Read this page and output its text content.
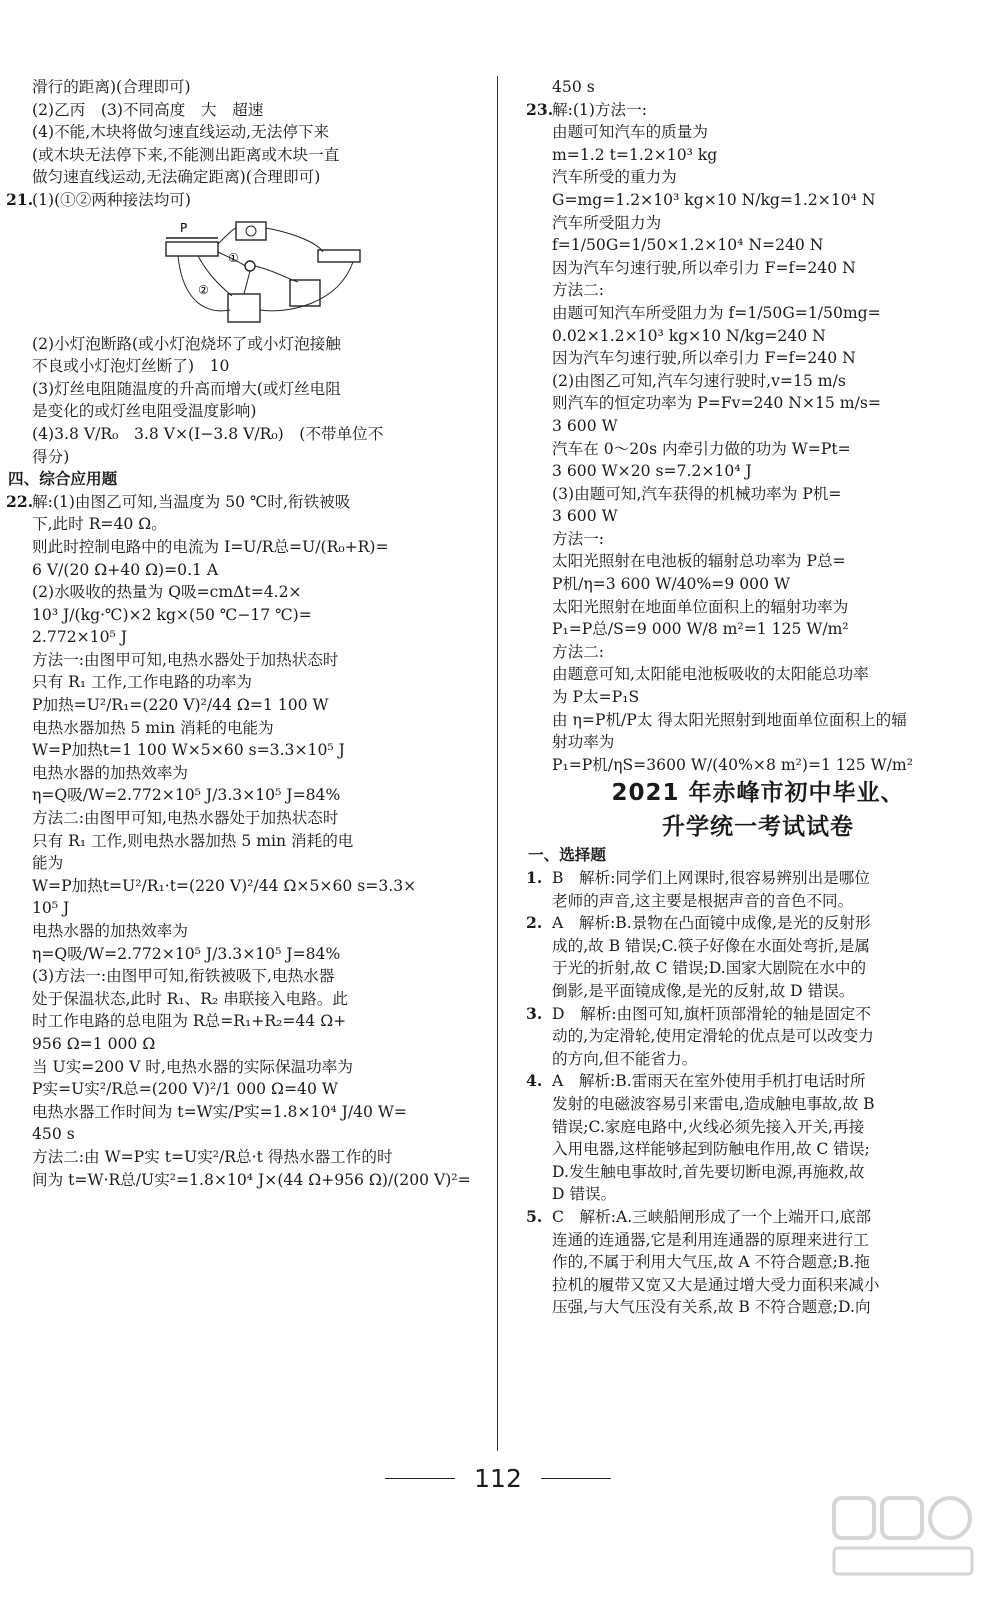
滑行的距离)(合理即可)
(2)乙丙　(3)不同高度　大　超速
(4)不能,木块将做匀速直线运动,无法停下来
(或木块无法停下来,不能测出距离或木块一直
做匀速直线运动,无法确定距离)(合理即可)
21.(1)(①②两种接法均可)
P
①
②
(2)小灯泡断路(或小灯泡烧坏了或小灯泡接触
不良或小灯泡灯丝断了)　10
(3)灯丝电阻随温度的升高而增大(或灯丝电阻
是变化的或灯丝电阻受温度影响)
(4)3.8 V/R₀　3.8 V×(I−3.8 V/R₀)　(不带单位不
得分)
四、综合应用题
22.解:(1)由图乙可知,当温度为 50 ℃时,衔铁被吸
下,此时 R=40 Ω。
则此时控制电路中的电流为 I=U/R总=U/(R₀+R)=
6 V/(20 Ω+40 Ω)=0.1 A
(2)水吸收的热量为 Q吸=cmΔt=4.2×
10³ J/(kg·℃)×2 kg×(50 ℃−17 ℃)=
2.772×10⁵ J
方法一:由图甲可知,电热水器处于加热状态时
只有 R₁ 工作,工作电路的功率为
P加热=U²/R₁=(220 V)²/44 Ω=1 100 W
电热水器加热 5 min 消耗的电能为
W=P加热t=1 100 W×5×60 s=3.3×10⁵ J
电热水器的加热效率为
η=Q吸/W=2.772×10⁵ J/3.3×10⁵ J=84%
方法二:由图甲可知,电热水器处于加热状态时
只有 R₁ 工作,则电热水器加热 5 min 消耗的电
能为
W=P加热t=U²/R₁·t=(220 V)²/44 Ω×5×60 s=3.3×
10⁵ J
电热水器的加热效率为
η=Q吸/W=2.772×10⁵ J/3.3×10⁵ J=84%
(3)方法一:由图甲可知,衔铁被吸下,电热水器
处于保温状态,此时 R₁、R₂ 串联接入电路。此
时工作电路的总电阻为 R总=R₁+R₂=44 Ω+
956 Ω=1 000 Ω
当 U实=200 V 时,电热水器的实际保温功率为
P实=U实²/R总=(200 V)²/1 000 Ω=40 W
电热水器工作时间为 t=W实/P实=1.8×10⁴ J/40 W=
450 s
方法二:由 W=P实 t=U实²/R总·t 得热水器工作的时
间为 t=W·R总/U实²=1.8×10⁴ J×(44 Ω+956 Ω)/(200 V)²=
450 s
23.解:(1)方法一:
由题可知汽车的质量为
m=1.2 t=1.2×10³ kg
汽车所受的重力为
G=mg=1.2×10³ kg×10 N/kg=1.2×10⁴ N
汽车所受阻力为
f=1/50G=1/50×1.2×10⁴ N=240 N
因为汽车匀速行驶,所以牵引力 F=f=240 N
方法二:
由题可知汽车所受阻力为 f=1/50G=1/50mg=
0.02×1.2×10³ kg×10 N/kg=240 N
因为汽车匀速行驶,所以牵引力 F=f=240 N
(2)由图乙可知,汽车匀速行驶时,v=15 m/s
则汽车的恒定功率为 P=Fv=240 N×15 m/s=
3 600 W
汽车在 0～20s 内牵引力做的功为 W=Pt=
3 600 W×20 s=7.2×10⁴ J
(3)由题可知,汽车获得的机械功率为 P机=
3 600 W
方法一:
太阳光照射在电池板的辐射总功率为 P总=
P机/η=3 600 W/40%=9 000 W
太阳光照射在地面单位面积上的辐射功率为
P₁=P总/S=9 000 W/8 m²=1 125 W/m²
方法二:
由题意可知,太阳能电池板吸收的太阳能总功率
为 P太=P₁S
由 η=P机/P太 得太阳光照射到地面单位面积上的辐
射功率为
P₁=P机/ηS=3600 W/(40%×8 m²)=1 125 W/m²
2021 年赤峰市初中毕业、
升学统一考试试卷
一、选择题
1. B　解析:同学们上网课时,很容易辨别出是哪位
老师的声音,这主要是根据声音的音色不同。
2. A　解析:B.景物在凸面镜中成像,是光的反射形
成的,故 B 错误;C.筷子好像在水面处弯折,是属
于光的折射,故 C 错误;D.国家大剧院在水中的
倒影,是平面镜成像,是光的反射,故 D 错误。
3. D　解析:由图可知,旗杆顶部滑轮的轴是固定不
动的,为定滑轮,使用定滑轮的优点是可以改变力
的方向,但不能省力。
4. A　解析:B.雷雨天在室外使用手机打电话时所
发射的电磁波容易引来雷电,造成触电事故,故 B
错误;C.家庭电路中,火线必须先接入开关,再接
入用电器,这样能够起到防触电作用,故 C 错误;
D.发生触电事故时,首先要切断电源,再施救,故
D 错误。
5. C　解析:A.三峡船闸形成了一个上端开口,底部
连通的连通器,它是利用连通器的原理来进行工
作的,不属于利用大气压,故 A 不符合题意;B.拖
拉机的履带又宽又大是通过增大受力面积来减小
压强,与大气压没有关系,故 B 不符合题意;D.向
112
